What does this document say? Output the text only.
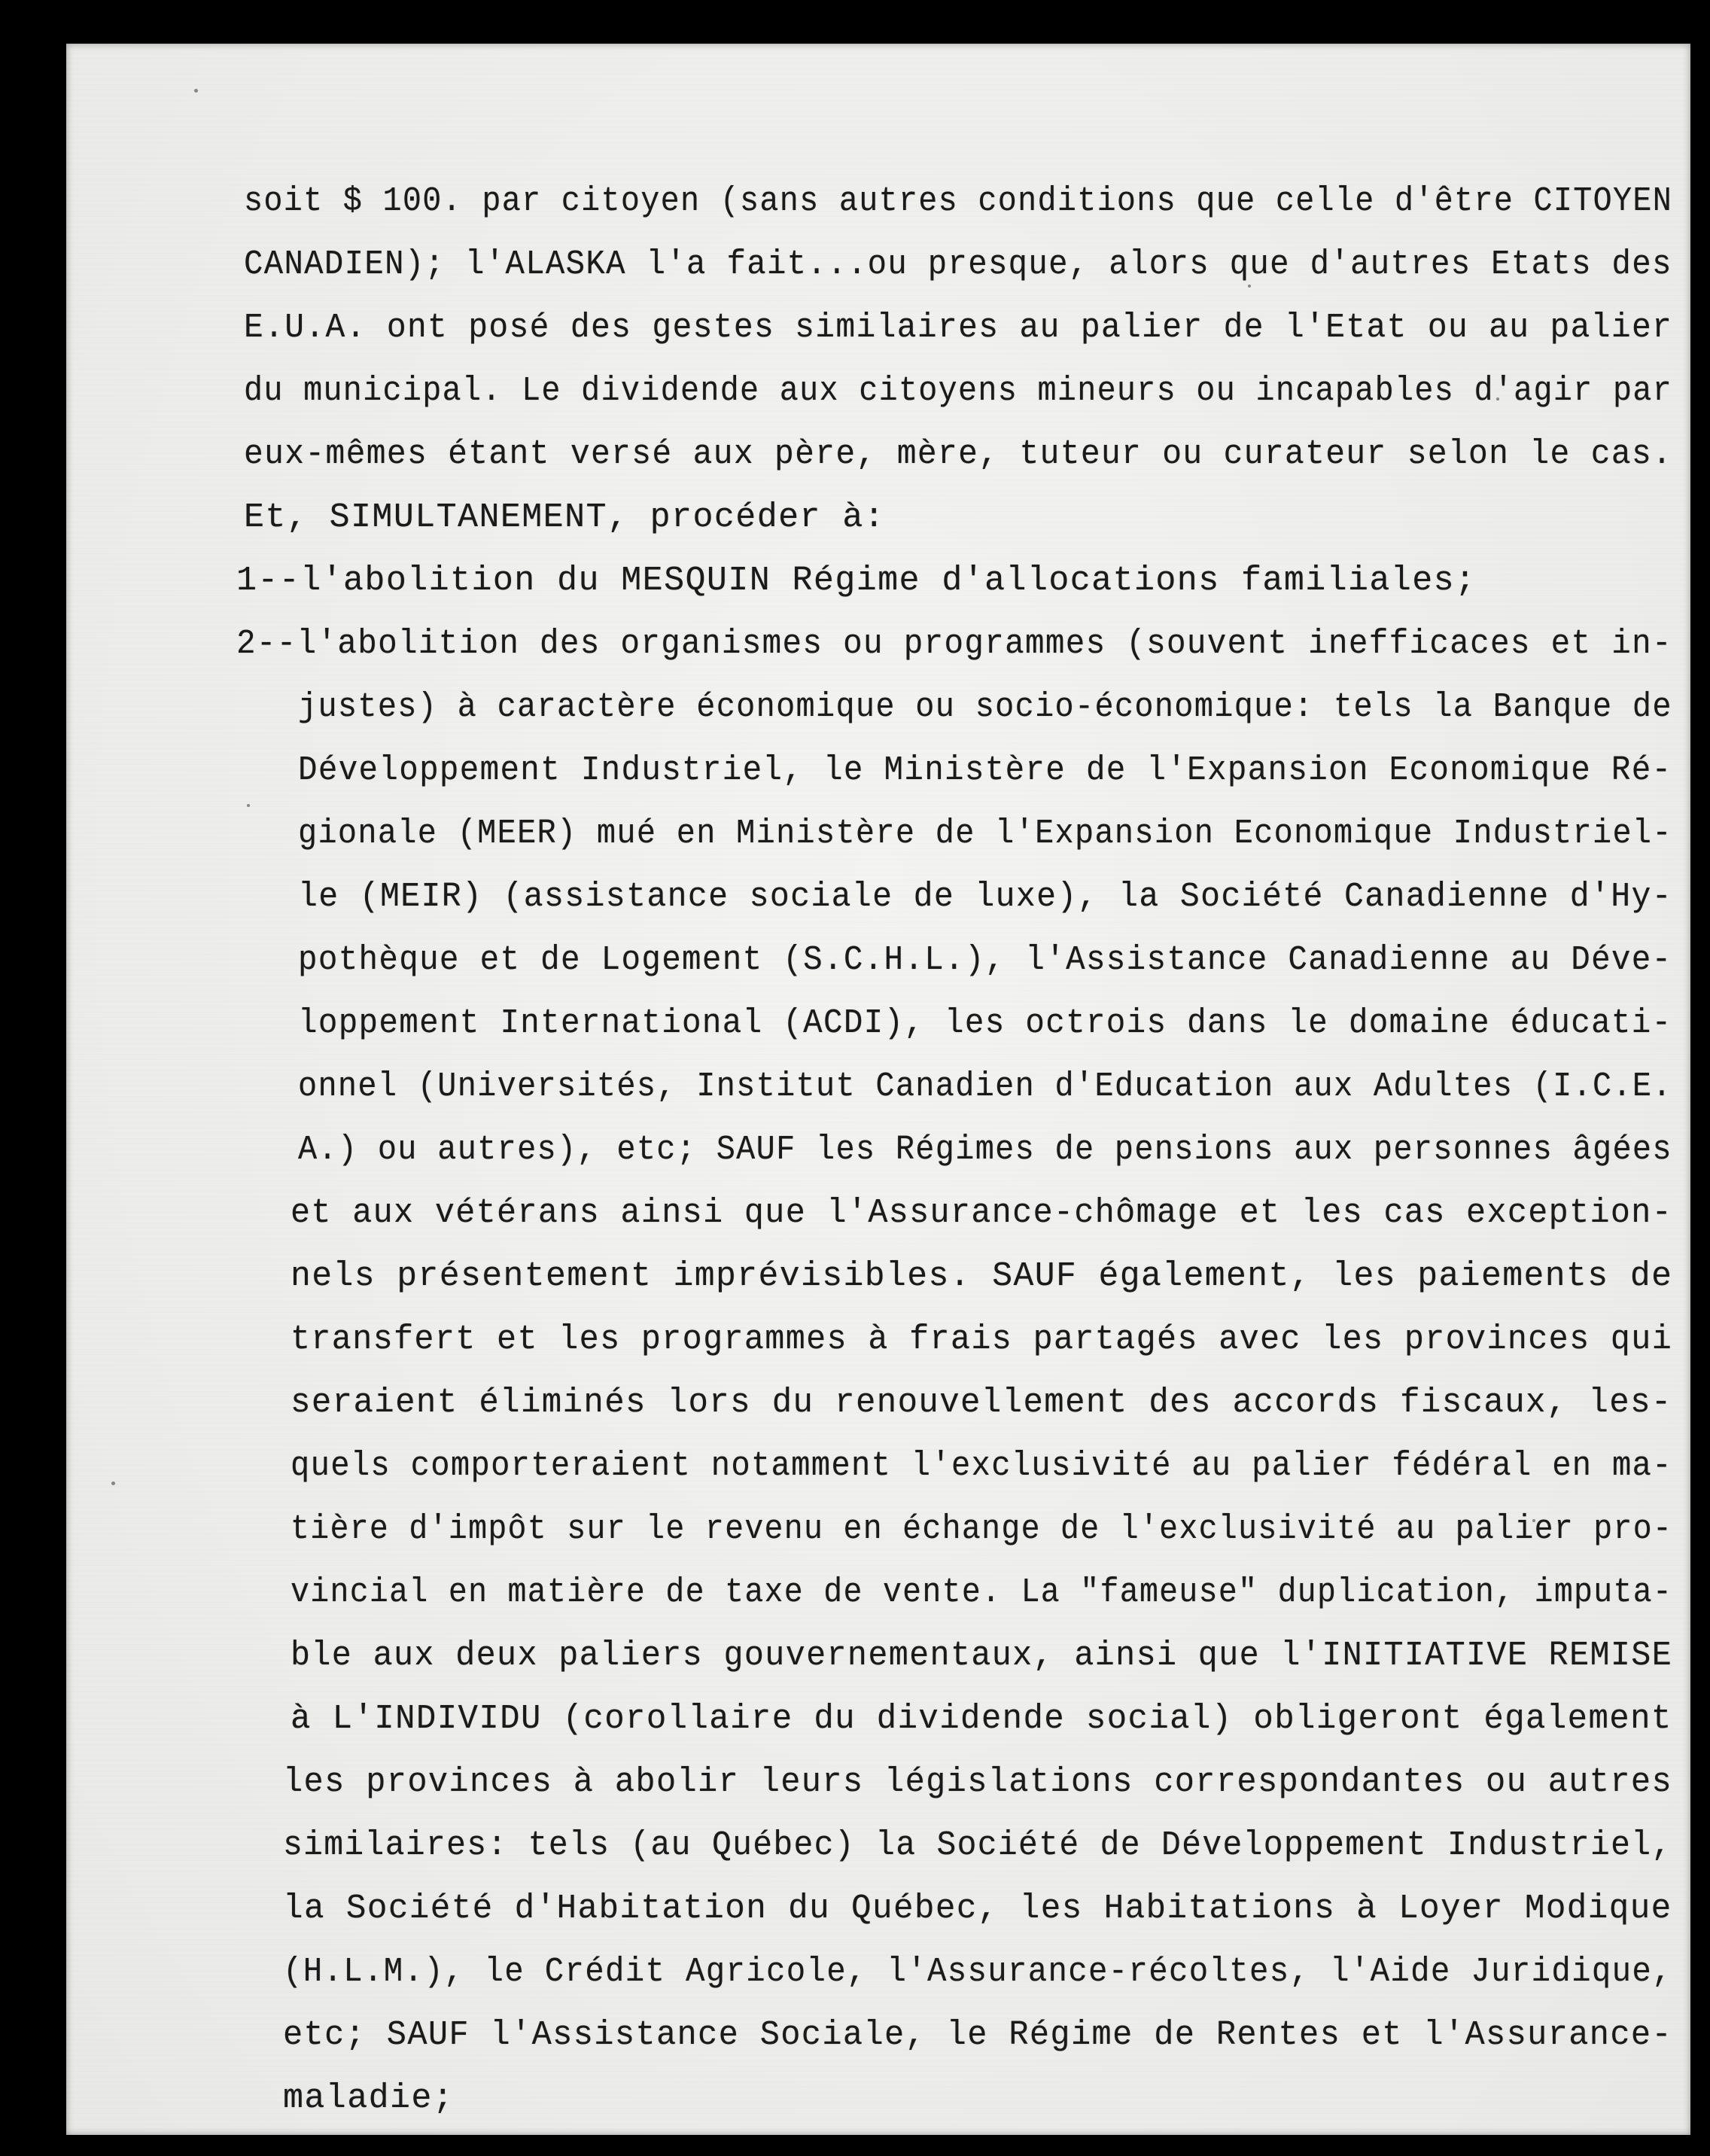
soit $ 100. par citoyen (sans autres conditions que celle d'être CITOYEN
CANADIEN); l'ALASKA l'a fait...ou presque, alors que d'autres Etats des
E.U.A. ont posé des gestes similaires au palier de l'Etat ou au palier
du municipal. Le dividende aux citoyens mineurs ou incapables d'agir par
eux-mêmes étant versé aux père, mère, tuteur ou curateur selon le cas.
Et, SIMULTANEMENT, procéder à:
1--l'abolition du MESQUIN Régime d'allocations familiales;
2--l'abolition des organismes ou programmes (souvent inefficaces et in-
justes) à caractère économique ou socio-économique: tels la Banque de
Développement Industriel, le Ministère de l'Expansion Economique Ré-
gionale (MEER) mué en Ministère de l'Expansion Economique Industriel-
le (MEIR) (assistance sociale de luxe), la Société Canadienne d'Hy-
pothèque et de Logement (S.C.H.L.), l'Assistance Canadienne au Déve-
loppement International (ACDI), les octrois dans le domaine éducati-
onnel (Universités, Institut Canadien d'Education aux Adultes (I.C.E.
A.) ou autres), etc; SAUF les Régimes de pensions aux personnes âgées
et aux vétérans ainsi que l'Assurance-chômage et les cas exception-
nels présentement imprévisibles. SAUF également, les paiements de
transfert et les programmes à frais partagés avec les provinces qui
seraient éliminés lors du renouvellement des accords fiscaux, les-
quels comporteraient notamment l'exclusivité au palier fédéral en ma-
tière d'impôt sur le revenu en échange de l'exclusivité au palier pro-
vincial en matière de taxe de vente. La "fameuse" duplication, imputa-
ble aux deux paliers gouvernementaux, ainsi que l'INITIATIVE REMISE
à L'INDIVIDU (corollaire du dividende social) obligeront également
les provinces à abolir leurs législations correspondantes ou autres
similaires: tels (au Québec) la Société de Développement Industriel,
la Société d'Habitation du Québec, les Habitations à Loyer Modique
(H.L.M.), le Crédit Agricole, l'Assurance-récoltes, l'Aide Juridique,
etc; SAUF l'Assistance Sociale, le Régime de Rentes et l'Assurance-
maladie;
